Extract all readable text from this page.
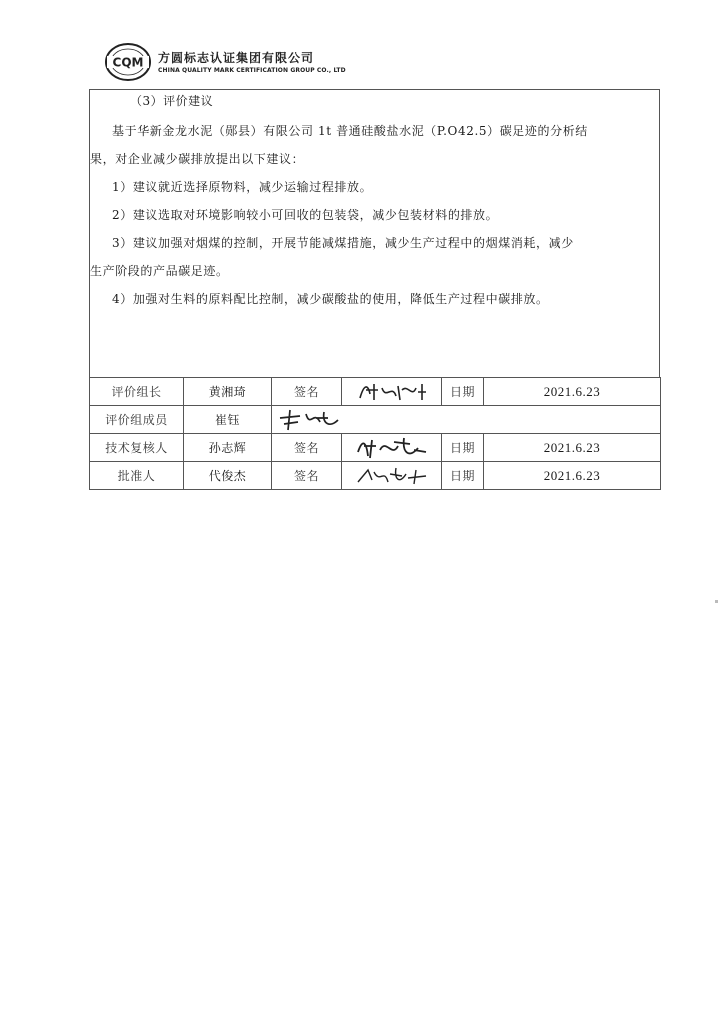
CQM 方圆标志认证集团有限公司
CHINA QUALITY MARK CERTIFICATION GROUP CO., LTD
（3）评价建议
基于华新金龙水泥（郧县）有限公司 1t 普通硅酸盐水泥（P.O42.5）碳足迹的分析结
果，对企业减少碳排放提出以下建议：
1）建议就近选择原物料，减少运输过程排放。
2）建议选取对环境影响较小可回收的包装袋，减少包装材料的排放。
3）建议加强对烟煤的控制，开展节能减煤措施，减少生产过程中的烟煤消耗，减少
生产阶段的产品碳足迹。
4）加强对生料的原料配比控制，减少碳酸盐的使用，降低生产过程中碳排放。
评价组长	黄湘琦	签名		日期	2021.6.23
评价组成员	崔钰	

技术复核人	孙志辉	签名		日期	2021.6.23
批准人	代俊杰	签名		日期	2021.6.23
